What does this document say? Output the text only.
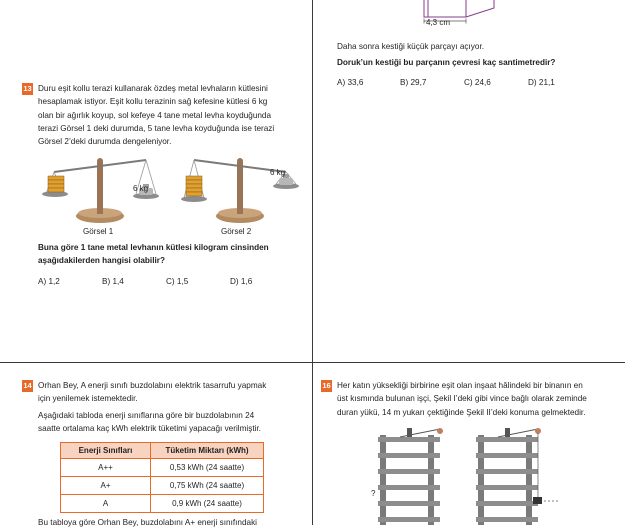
4,3 cm
Daha sonra kestiği küçük parçayı açıyor.
Doruk’un kestiği bu parçanın çevresi kaç santimetredir?
A) 33,6	B) 29,7	C) 24,6	D) 21,1
13 Duru eşit kollu terazi kullanarak özdeş metal levhaların kütlesini
hesaplamak istiyor. Eşit kollu terazinin sağ kefesine kütlesi 6 kg
olan bir ağırlık koyup, sol kefeye 4 tane metal levha koyduğunda
terazi Görsel 1 deki durumda, 5 tane levha koyduğunda ise terazi
Görsel 2’deki durumda dengeleniyor.
6 kg
Görsel 1
6 kg
Görsel 2
Buna göre 1 tane metal levhanın kütlesi kilogram cinsinden
aşağıdakilerden hangisi olabilir?
A) 1,2	B) 1,4	C) 1,5	D) 1,6
14 Orhan Bey, A enerji sınıfı buzdolabını elektrik tasarrufu yapmak
için yenilemek istemektedir.
Aşağıdaki tabloda enerji sınıflarına göre bir buzdolabının 24
saatte ortalama kaç kWh elektrik tüketimi yapacağı verilmiştir.
Enerji Sınıfları	Tüketim Miktarı (kWh)
A++	0,53 kWh (24 saatte)
A+	0,75 kWh (24 saatte)
A	0,9 kWh (24 saatte)
Bu tabloya göre Orhan Bey, buzdolabını A+ enerji sınıfındaki
16 Her katın yüksekliği birbirine eşit olan inşaat hâlindeki bir binanın en
üst kısmında bulunan işçi, Şekil I’deki gibi vince bağlı olarak zeminde
duran yükü, 14 m yukarı çektiğinde Şekil II’deki konuma gelmektedir.
?
